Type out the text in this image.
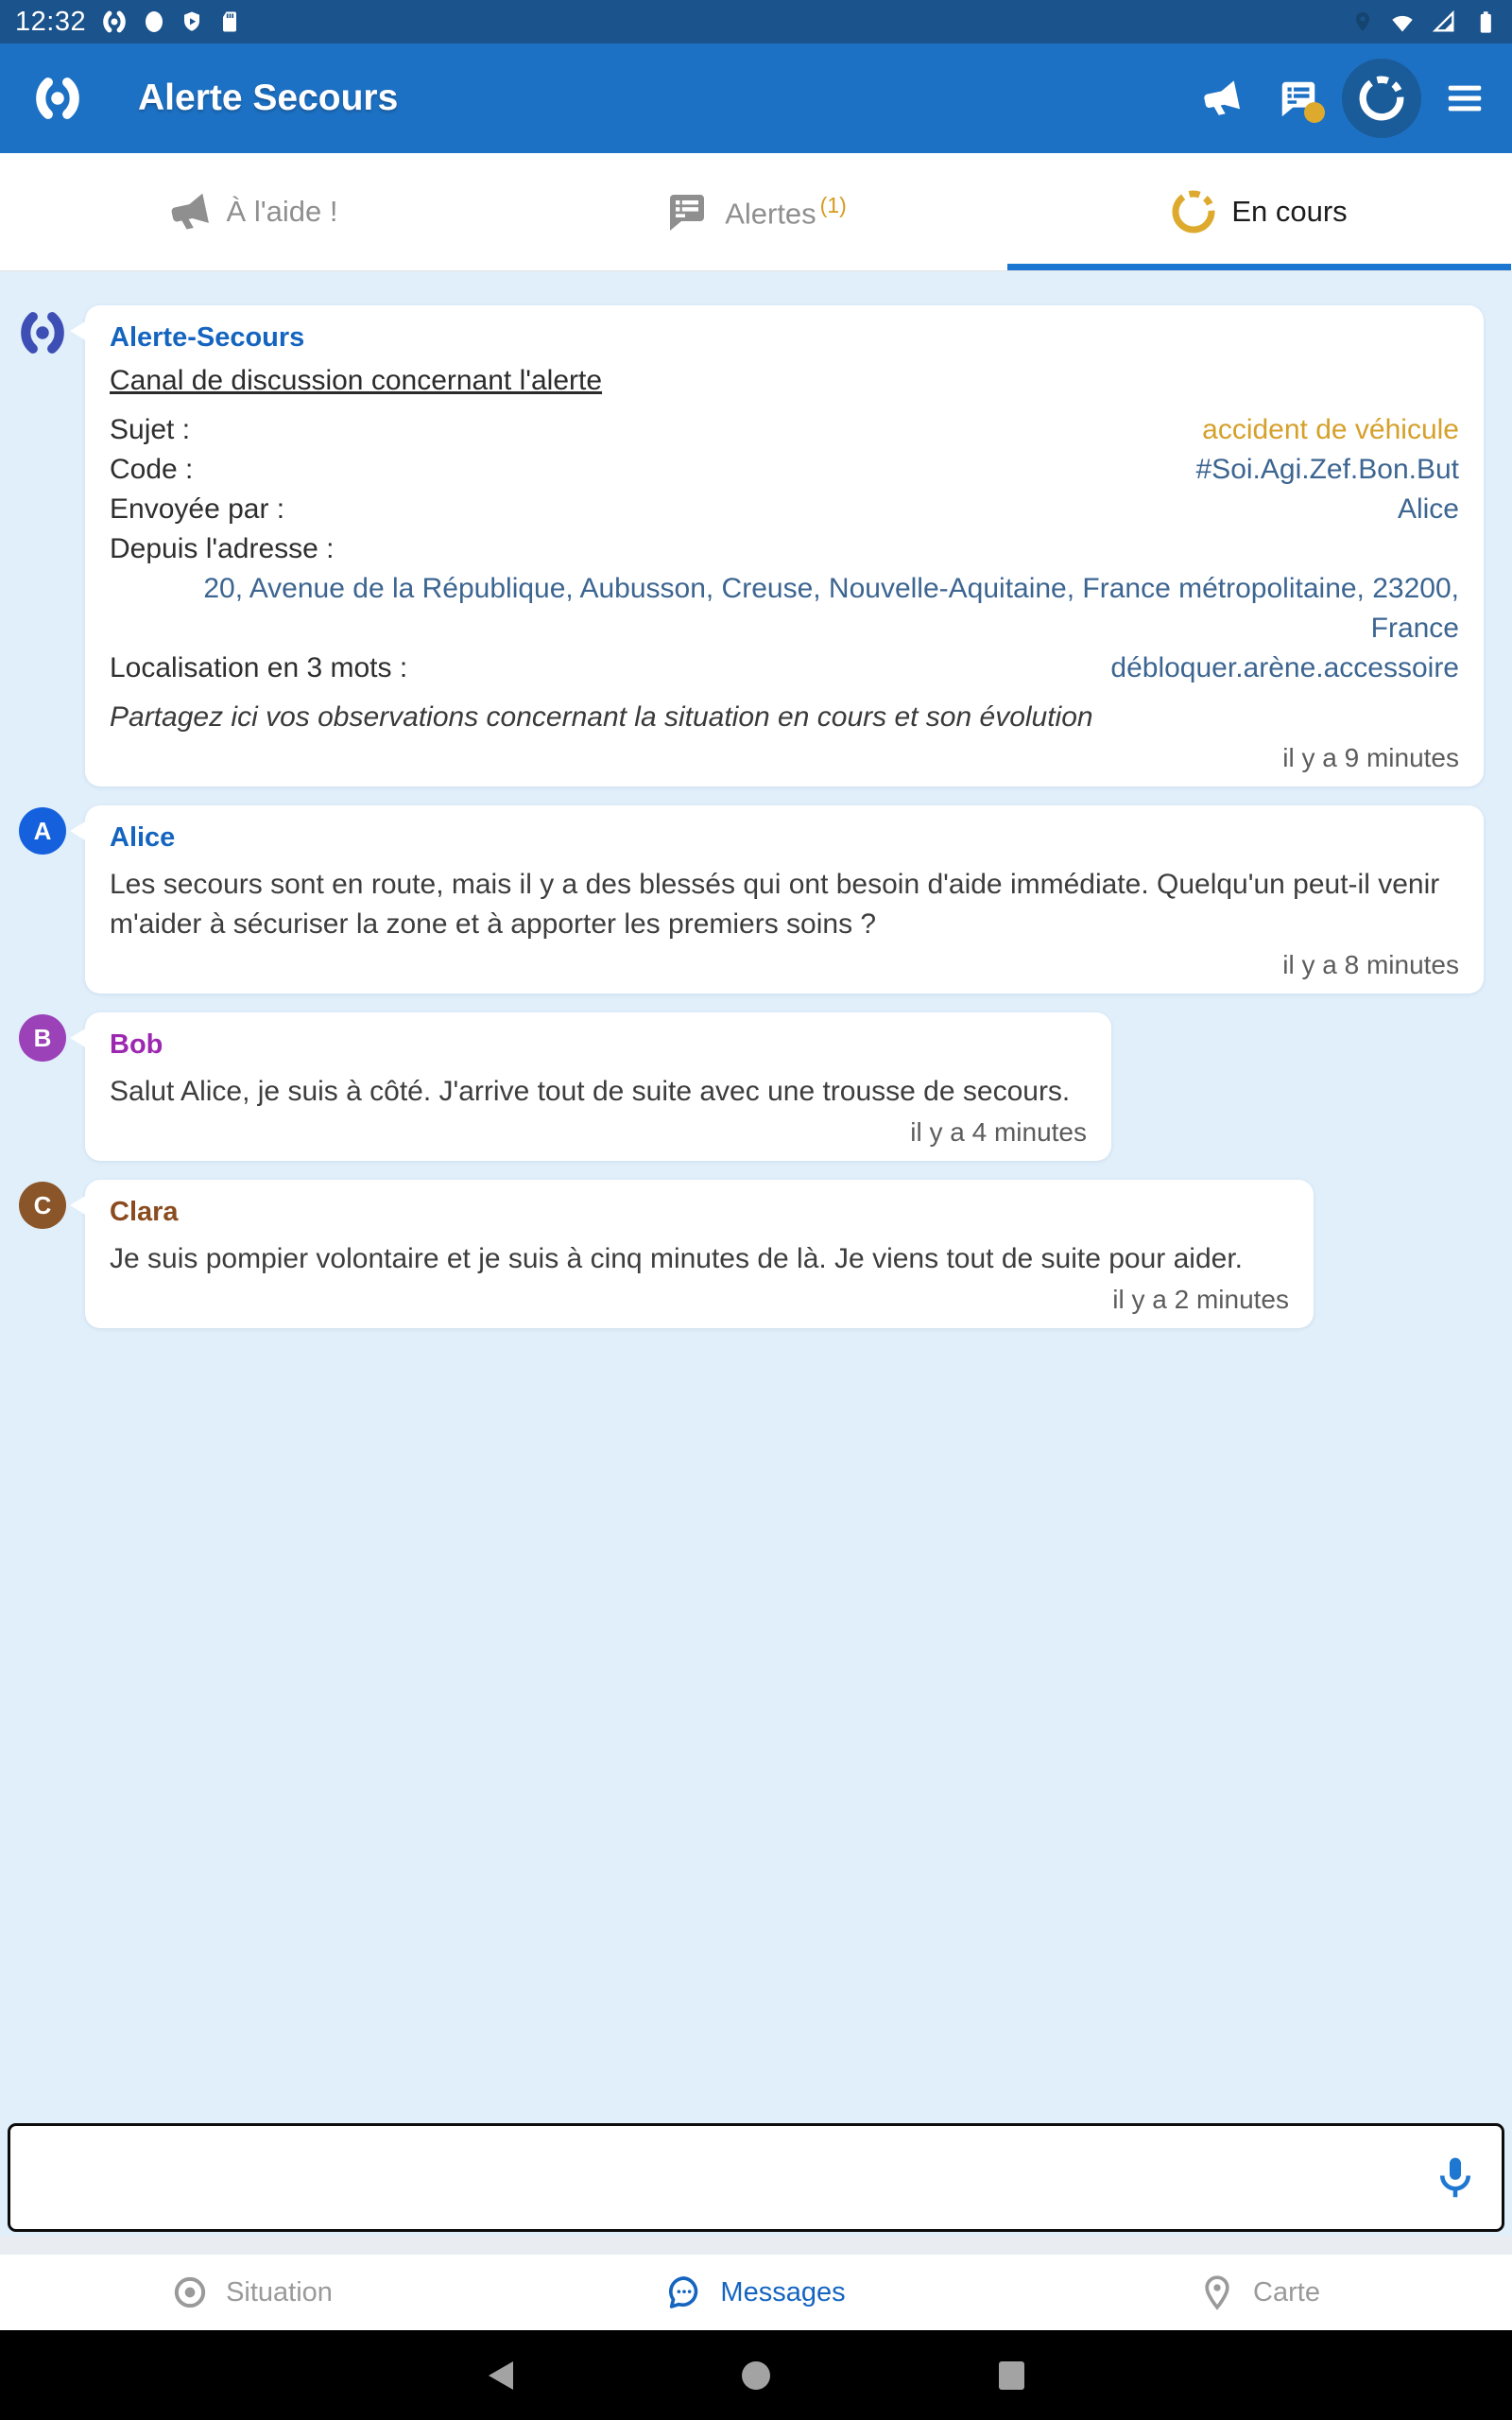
12:32
Alerte Secours
À l'aide !	Alertes $^{(1)}$	En cours
Alerte-Secours
Canal de discussion concernant l'alerte
Sujet :	accident de véhicule
Code :	#Soi.Agi.Zef.Bon.But
Envoyée par :	Alice
Depuis l'adresse :
20, Avenue de la République, Aubusson, Creuse, Nouvelle-Aquitaine, France métropolitaine, 23200, France
Localisation en 3 mots :	débloquer.arène.accessoire
Partagez ici vos observations concernant la situation en cours et son évolution
il y a 9 minutes
A	Alice
Les secours sont en route, mais il y a des blessés qui ont besoin d'aide immédiate. Quelqu'un peut-il venir m'aider à sécuriser la zone et à apporter les premiers soins ?
il y a 8 minutes
B	Bob
Salut Alice, je suis à côté. J'arrive tout de suite avec une trousse de secours.
il y a 4 minutes
C	Clara
Je suis pompier volontaire et je suis à cinq minutes de là. Je viens tout de suite pour aider.
il y a 2 minutes
Situation	Messages	Carte
